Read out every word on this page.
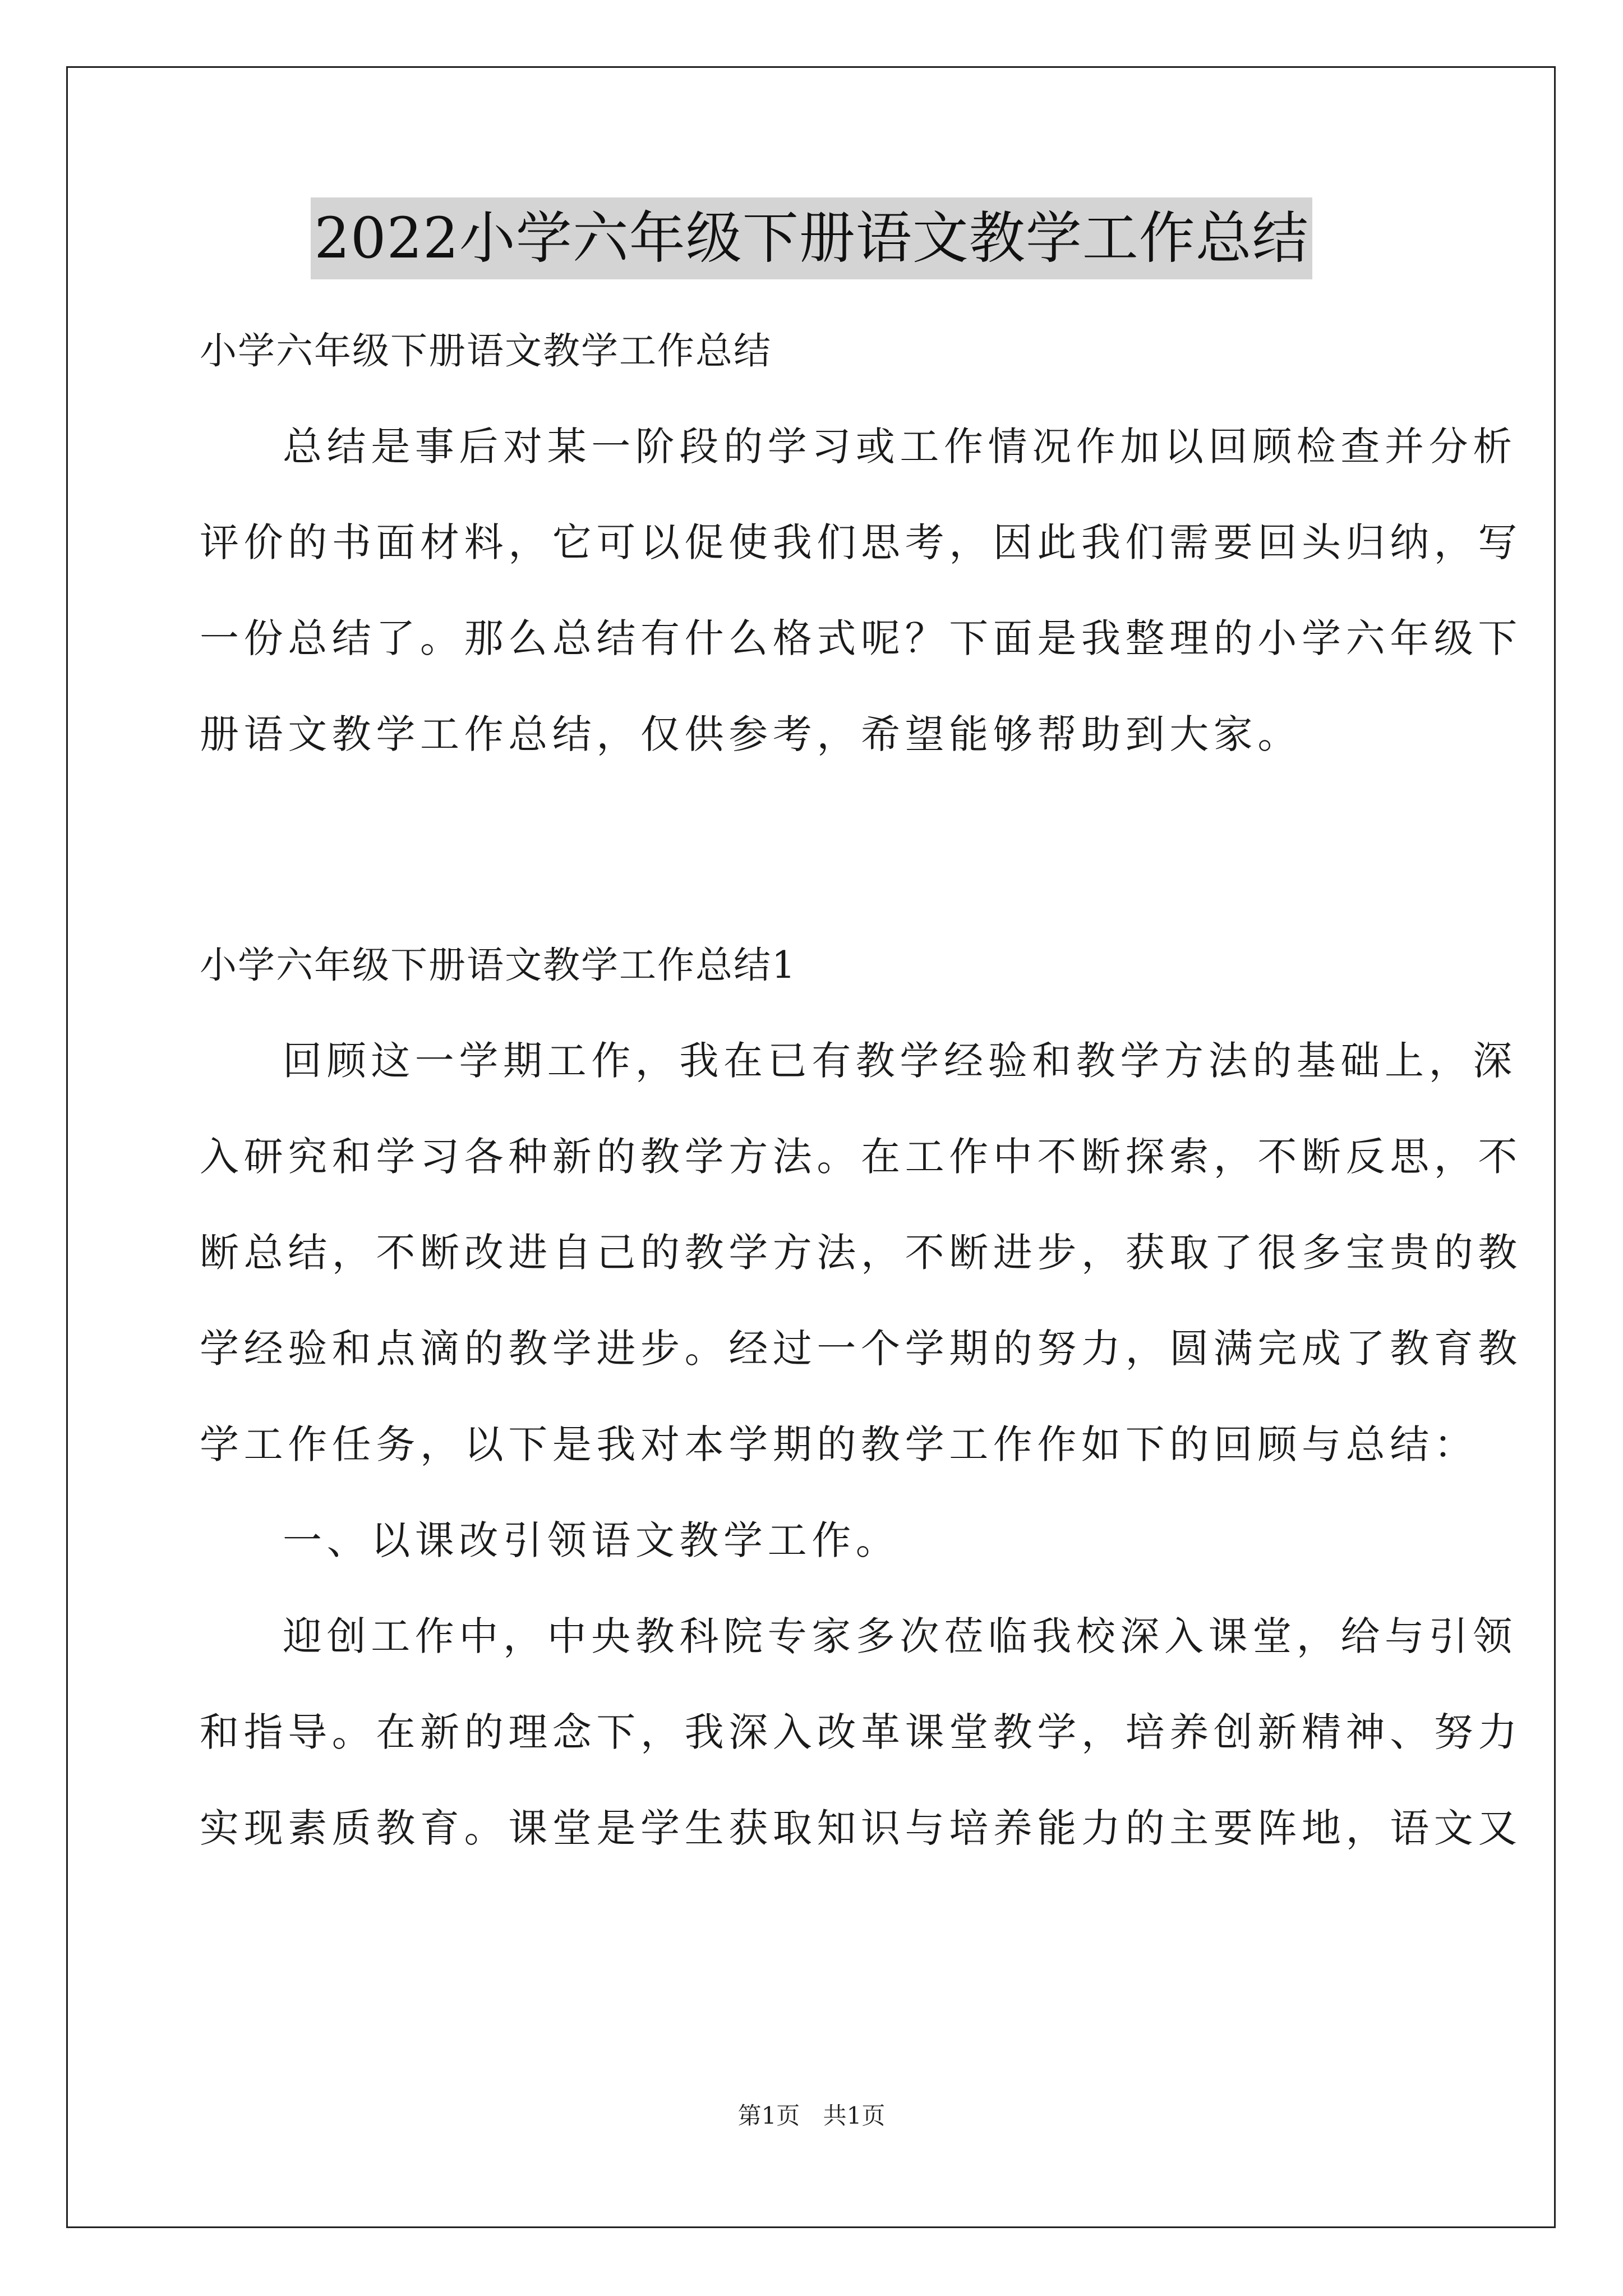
2022小学六年级下册语文教学工作总结

小学六年级下册语文教学工作总结

总结是事后对某一阶段的学习或工作情况作加以回顾检查并分析

评价的书面材料，它可以促使我们思考，因此我们需要回头归纳，写

一份总结了。那么总结有什么格式呢？下面是我整理的小学六年级下

册语文教学工作总结，仅供参考，希望能够帮助到大家。

小学六年级下册语文教学工作总结1

回顾这一学期工作，我在已有教学经验和教学方法的基础上，深

入研究和学习各种新的教学方法。在工作中不断探索，不断反思，不

断总结，不断改进自己的教学方法，不断进步，获取了很多宝贵的教

学经验和点滴的教学进步。经过一个学期的努力，圆满完成了教育教

学工作任务，以下是我对本学期的教学工作作如下的回顾与总结：

一、以课改引领语文教学工作。

迎创工作中，中央教科院专家多次莅临我校深入课堂，给与引领

和指导。在新的理念下，我深入改革课堂教学，培养创新精神、努力

实现素质教育。课堂是学生获取知识与培养能力的主要阵地，语文又

第1页 共1页
